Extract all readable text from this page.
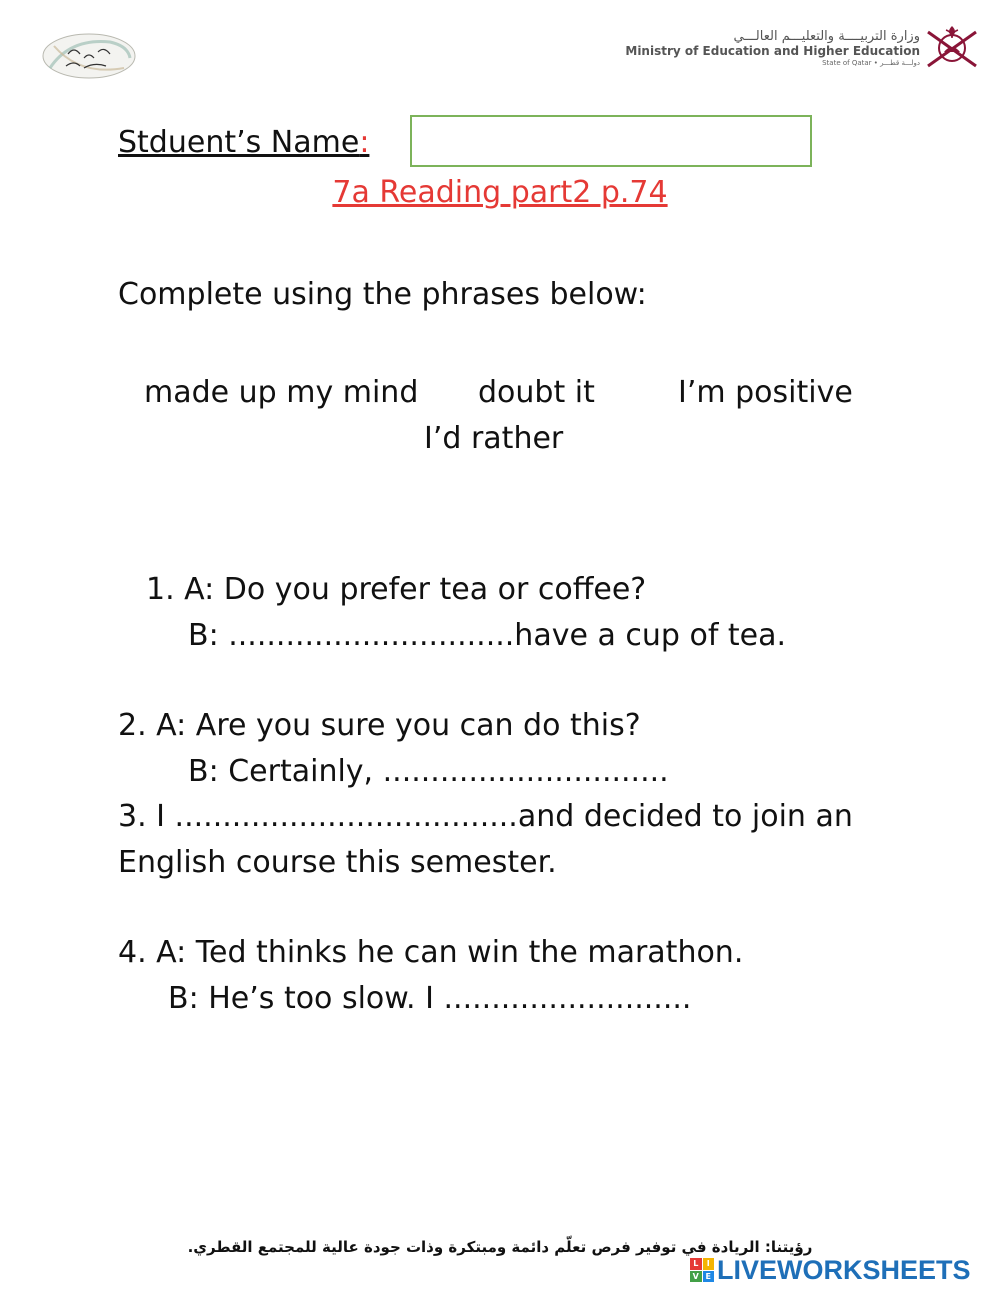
وزارة التربيــــة والتعليـــم العالـــي
Ministry of Education and Higher Education
State of Qatar • دولـــة قطـــر
Stduent’s Name:
7a Reading part2 p.74
Complete using the phrases below:
made up my mind doubt it	I’m positive
I’d rather
1. A: Do you prefer tea or coffee?
B: ..............................have a cup of tea.
2. A: Are you sure you can do this?
B: Certainly, ..............................
3. I ....................................and decided to join an
English course this semester.
4. A: Ted thinks he can win the marathon.
B: He’s too slow. I ..........................
رؤيتنا: الريادة في توفير فرص تعلّم دائمة ومبتكرة وذات جودة عالية للمجتمع القطري.
L	I
V E LIVEWORKSHEETS
